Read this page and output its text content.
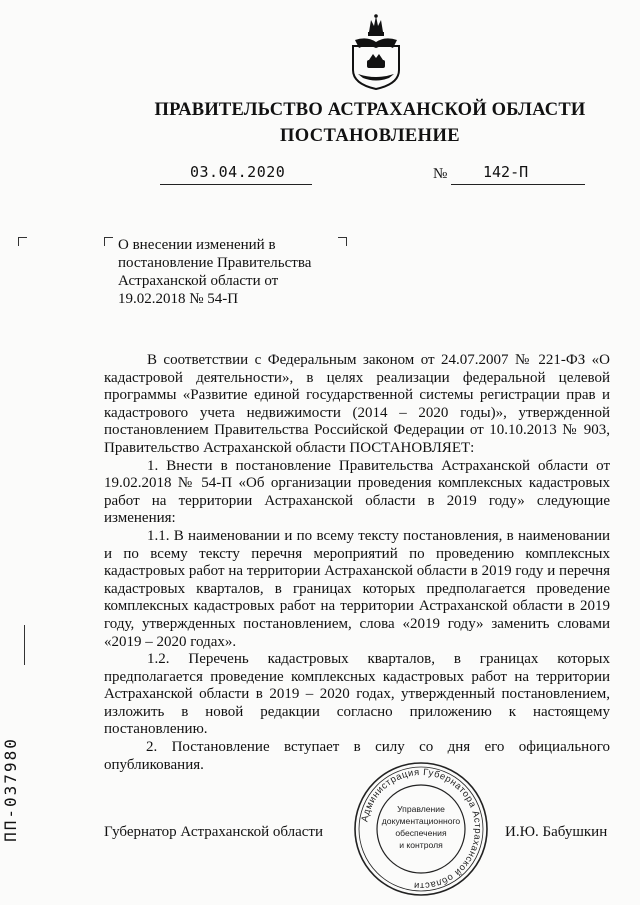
ПРАВИТЕЛЬСТВО АСТРАХАНСКОЙ ОБЛАСТИ
ПОСТАНОВЛЕНИЕ
03.04.2020	№ 142-П
О внесении изменений в
постановление Правительства
Астраханской области от
19.02.2018 № 54-П

В соответствии с Федеральным законом от 24.07.2007 № 221-ФЗ «О кадастровой деятельности», в целях реализации федеральной целевой программы «Развитие единой государственной системы регистрации прав и кадастрового учета недвижимости (2014 – 2020 годы)», утвержденной постановлением Правительства Российской Федерации от 10.10.2013 № 903, Правительство Астраханской области ПОСТАНОВЛЯЕТ:

1. Внести в постановление Правительства Астраханской области от 19.02.2018 № 54-П «Об организации проведения комплексных кадастровых работ на территории Астраханской области в 2019 году» следующие изменения:

1.1. В наименовании и по всему тексту постановления, в наименовании и по всему тексту перечня мероприятий по проведению комплексных кадастровых работ на территории Астраханской области в 2019 году и перечня кадастровых кварталов, в границах которых предполагается проведение комплексных кадастровых работ на территории Астраханской области в 2019 году, утвержденных постановлением, слова «2019 году» заменить словами «2019 – 2020 годах».

1.2. Перечень кадастровых кварталов, в границах которых предполагается проведение комплексных кадастровых работ на территории Астраханской области в 2019 – 2020 годах, утвержденный постановлением, изложить в новой редакции согласно приложению к настоящему постановлению.

2. Постановление вступает в силу со дня его официального опубликования.

Губернатор Астраханской области	И.Ю. Бабушкин
Администрация Губернатора Астраханской области
Управление
документационного
обеспечения
и контроля
ПП-037980
